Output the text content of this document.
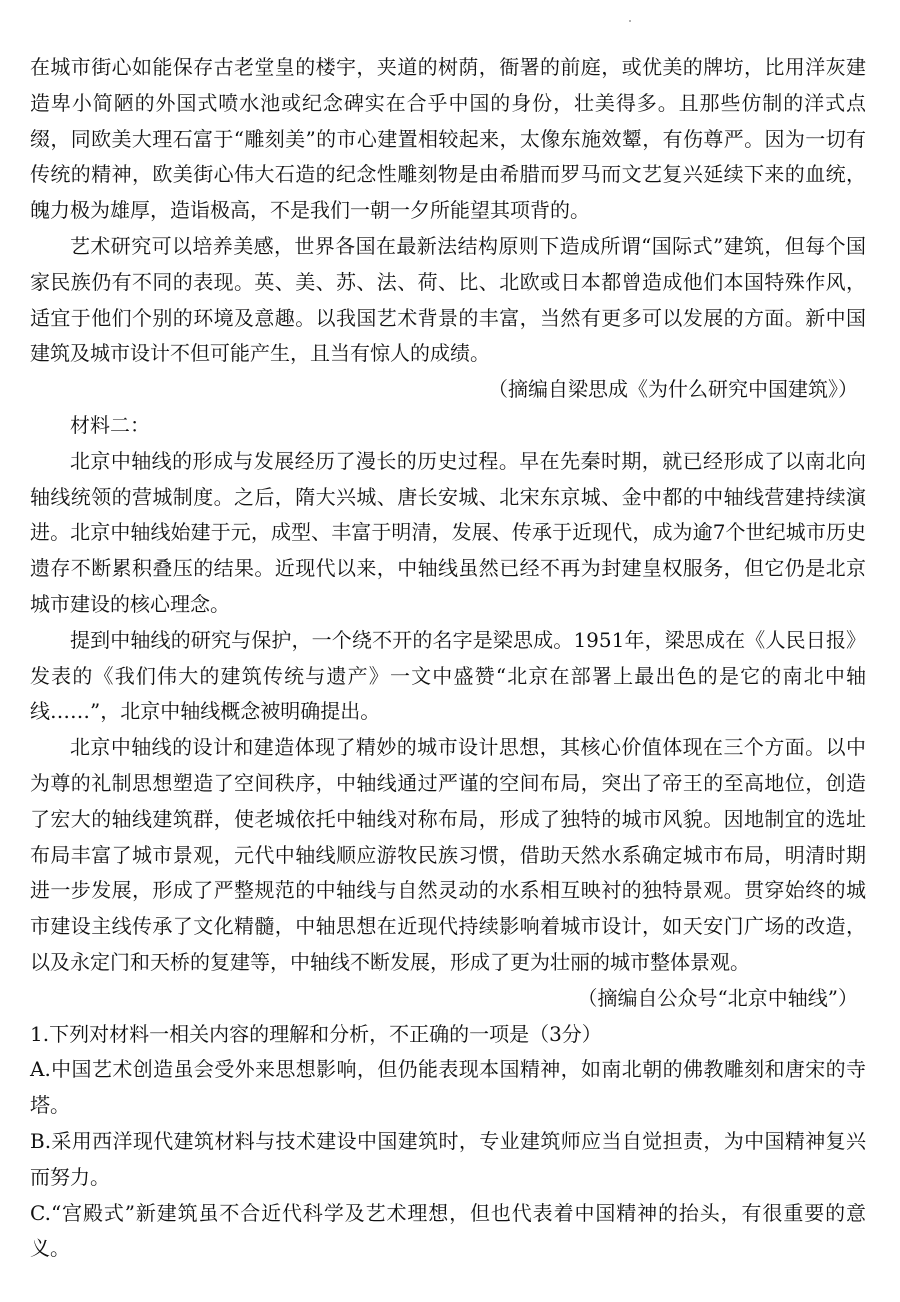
在城市街心如能保存古老堂皇的楼宇，夹道的树荫，衙署的前庭，或优美的牌坊，比用洋灰建造卑小简陋的外国式喷水池或纪念碑实在合乎中国的身份，壮美得多。且那些仿制的洋式点缀，同欧美大理石富于“雕刻美”的市心建置相较起来，太像东施效颦，有伤尊严。因为一切有传统的精神，欧美街心伟大石造的纪念性雕刻物是由希腊而罗马而文艺复兴延续下来的血统，魄力极为雄厚，造诣极高，不是我们一朝一夕所能望其项背的。

艺术研究可以培养美感，世界各国在最新法结构原则下造成所谓“国际式”建筑，但每个国家民族仍有不同的表现。英、美、苏、法、荷、比、北欧或日本都曾造成他们本国特殊作风，适宜于他们个别的环境及意趣。以我国艺术背景的丰富，当然有更多可以发展的方面。新中国建筑及城市设计不但可能产生，且当有惊人的成绩。

（摘编自梁思成《为什么研究中国建筑》）

材料二：

北京中轴线的形成与发展经历了漫长的历史过程。早在先秦时期，就已经形成了以南北向轴线统领的营城制度。之后，隋大兴城、唐长安城、北宋东京城、金中都的中轴线营建持续演进。北京中轴线始建于元，成型、丰富于明清，发展、传承于近现代，成为逾7个世纪城市历史遗存不断累积叠压的结果。近现代以来，中轴线虽然已经不再为封建皇权服务，但它仍是北京城市建设的核心理念。

提到中轴线的研究与保护，一个绕不开的名字是梁思成。1951年，梁思成在《人民日报》发表的《我们伟大的建筑传统与遗产》一文中盛赞“北京在部署上最出色的是它的南北中轴线……”，北京中轴线概念被明确提出。

北京中轴线的设计和建造体现了精妙的城市设计思想，其核心价值体现在三个方面。以中为尊的礼制思想塑造了空间秩序，中轴线通过严谨的空间布局，突出了帝王的至高地位，创造了宏大的轴线建筑群，使老城依托中轴线对称布局，形成了独特的城市风貌。因地制宜的选址布局丰富了城市景观，元代中轴线顺应游牧民族习惯，借助天然水系确定城市布局，明清时期进一步发展，形成了严整规范的中轴线与自然灵动的水系相互映衬的独特景观。贯穿始终的城市建设主线传承了文化精髓，中轴思想在近现代持续影响着城市设计，如天安门广场的改造，以及永定门和天桥的复建等，中轴线不断发展，形成了更为壮丽的城市整体景观。

（摘编自公众号“北京中轴线”）

1.下列对材料一相关内容的理解和分析，不正确的一项是（3分）

A.中国艺术创造虽会受外来思想影响，但仍能表现本国精神，如南北朝的佛教雕刻和唐宋的寺塔。

B.采用西洋现代建筑材料与技术建设中国建筑时，专业建筑师应当自觉担责，为中国精神复兴而努力。

C.“宫殿式”新建筑虽不合近代科学及艺术理想，但也代表着中国精神的抬头，有很重要的意义。
